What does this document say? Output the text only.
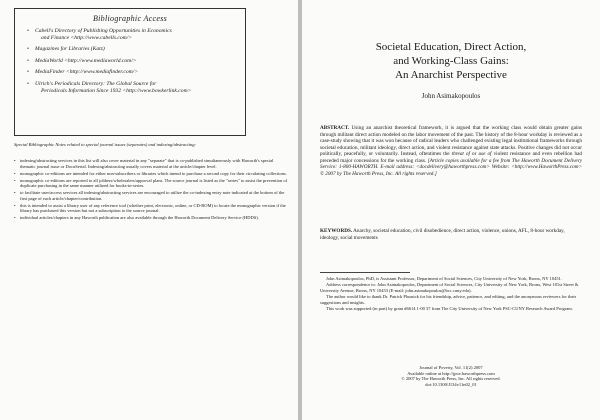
Bibliographic Access
• Cabell's Directory of Publishing Opportunities in Economics
and Finance <http://www.cabells.com/>
• Magazines for Libraries (Katz)
• MediaWorld <http://www.mediaworld.com/>
• MediaFinder <http://www.mediafinder.com/>
• Ulrich's Periodicals Directory: The Global Source for
Periodicals Information Since 1932 <http://www.bowkerlink.com>
Special Bibliographic Notes related to special journal issues (separates) and indexing/abstracting:
• indexing/abstracting services in this list will also cover material in any "separate" that is co-published simultaneously with Haworth's special thematic journal issue or DocuSerial. Indexing/abstracting usually covers material at the article/chapter level.
• monographic co-editions are intended for either non-subscribers or libraries which intend to purchase a second copy for their circulating collections.
• monographic co-editions are reported to all jobbers/wholesalers/approval plans. The source journal is listed as the "series" to assist the prevention of duplicate purchasing in the same manner utilized for books-in-series.
• to facilitate user/access services all indexing/abstracting services are encouraged to utilize the co-indexing entry note indicated at the bottom of the first page of each article/chapter/contribution.
• this is intended to assist a library user of any reference tool (whether print, electronic, online, or CD-ROM) to locate the monographic version if the library has purchased this version but not a subscription to the source journal.
• individual articles/chapters in any Haworth publication are also available through the Haworth Document Delivery Service (HDDS).
Societal Education, Direct Action,
and Working-Class Gains:
An Anarchist Perspective
John Asimakopoulos
ABSTRACT. Using an anarchist theoretical framework, it is argued that the working class would obtain greater gains through militant direct action modeled on the labor movement of the past. The history of the 8-hour workday is reviewed as a case-study showing that it was won because of radical leaders who challenged existing legal institutional frameworks through societal education, militant ideology, direct action, and violent resistance against state attacks. Positive changes did not occur politically, peacefully, or voluntarily. Instead, oftentimes the threat of or use of violent resistance and even rebellion had preceded major concessions for the working class. [Article copies available for a fee from The Haworth Document Delivery Service: 1-800-HAWORTH. E-mail address: <docdelivery@haworthpress.com> Website: <http://www.HaworthPress.com> © 2007 by The Haworth Press, Inc. All rights reserved.]
KEYWORDS. Anarchy, societal education, civil disobedience, direct action, violence, unions, AFL, 8-hour workday, ideology, social movements

John Asimakopoulos, PhD, is Assistant Professor, Department of Social Sciences, City University of New York, Bronx, NY 10451.

Address correspondence to: John Asimakopoulos, Department of Social Sciences, City University of New York, Bronx, West 181st Street & University Avenue, Bronx, NY 10453 (E-mail: john.asimakopoulos@bcc.cuny.edu).

The author would like to thank Dr. Patrick Plusnick for his friendship, advice, patience, and editing, and the anonymous reviewers for their suggestions and insights.

This work was supported (in part) by grant #6614 1-00 37 from The City University of New York PSC-CUNY Research Award Program.

Journal of Poverty, Vol. 11(2) 2007
Available online at http://jpov.haworthpress.com
© 2007 by The Haworth Press, Inc. All rights reserved.
doi:10.1300/J134v11n02_01
